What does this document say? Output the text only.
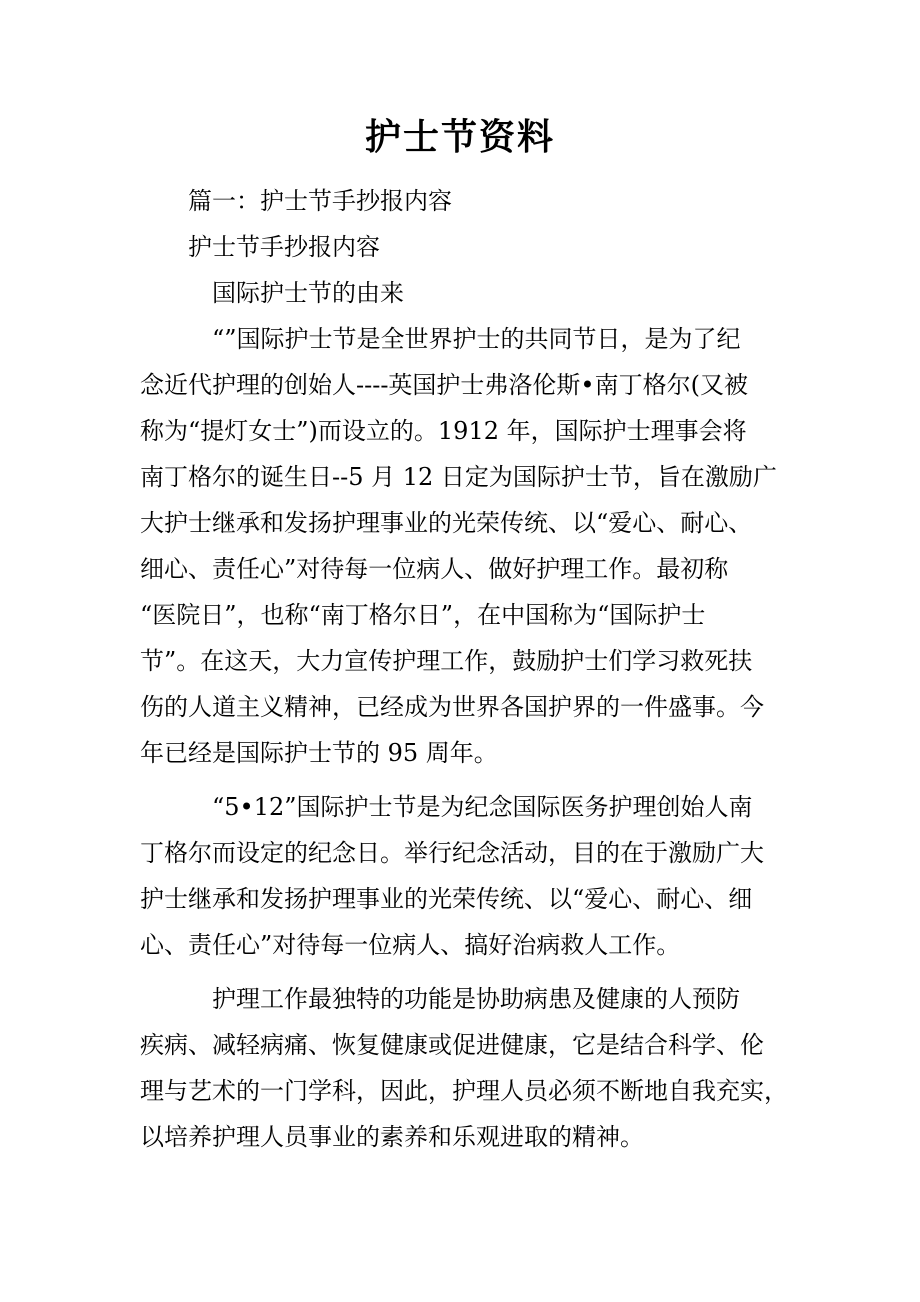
护士节资料

篇一：护士节手抄报内容

护士节手抄报内容

国际护士节的由来

“”国际护士节是全世界护士的共同节日，是为了纪

念近代护理的创始人----英国护士弗洛伦斯•南丁格尔(又被

称为“提灯女士”)而设立的。1912 年，国际护士理事会将

南丁格尔的诞生日--5 月 12 日定为国际护士节，旨在激励广

大护士继承和发扬护理事业的光荣传统、以“爱心、耐心、

细心、责任心”对待每一位病人、做好护理工作。最初称

“医院日”，也称“南丁格尔日”，在中国称为“国际护士

节”。在这天，大力宣传护理工作，鼓励护士们学习救死扶

伤的人道主义精神，已经成为世界各国护界的一件盛事。今

年已经是国际护士节的 95 周年。

“5•12”国际护士节是为纪念国际医务护理创始人南

丁格尔而设定的纪念日。举行纪念活动，目的在于激励广大

护士继承和发扬护理事业的光荣传统、以“爱心、耐心、细

心、责任心”对待每一位病人、搞好治病救人工作。

护理工作最独特的功能是协助病患及健康的人预防

疾病、减轻病痛、恢复健康或促进健康，它是结合科学、伦

理与艺术的一门学科，因此，护理人员必须不断地自我充实，

以培养护理人员事业的素养和乐观进取的精神。
